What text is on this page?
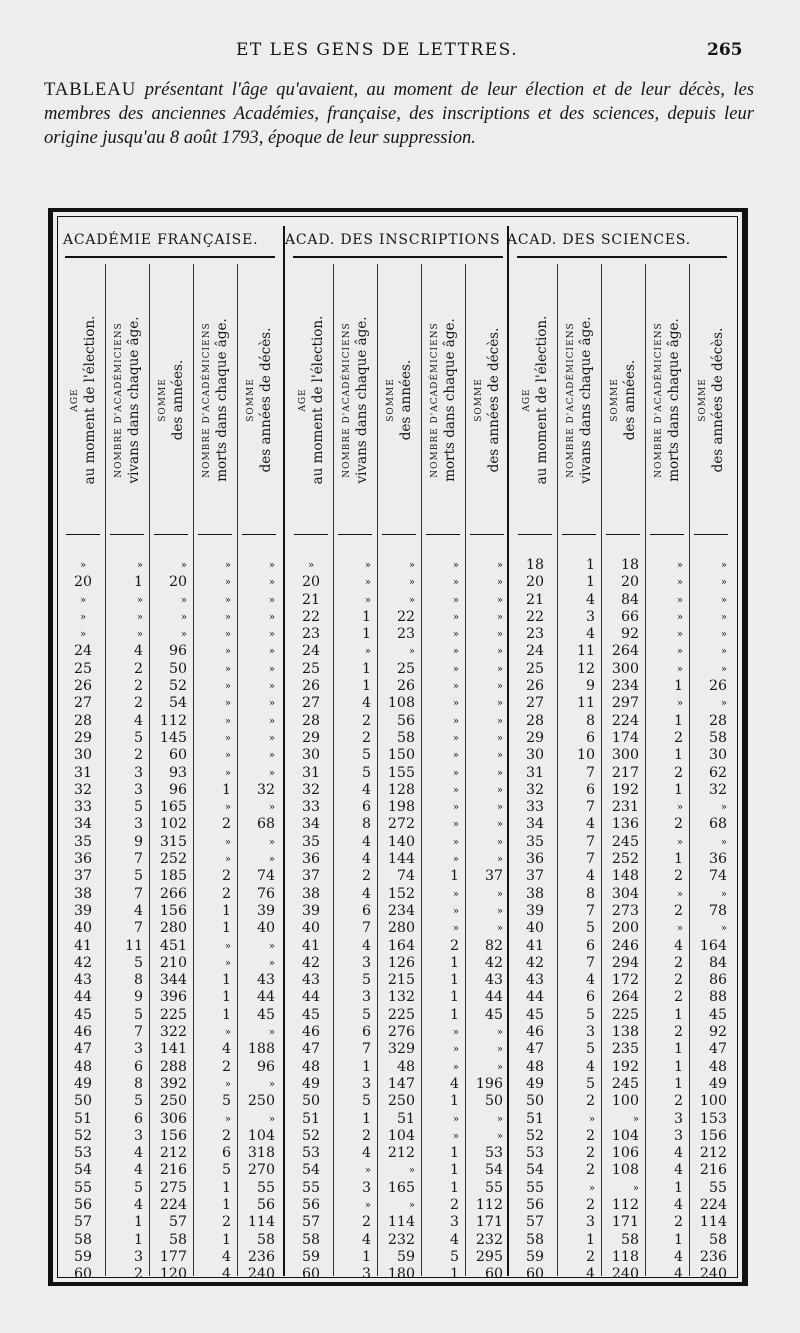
ET LES GENS DE LETTRES.	265
TABLEAU présentant l'âge qu'avaient, au moment de leur élection et de leur décès, les membres des anciennes Académies, française, des inscriptions et des sciences, depuis leur origine jusqu'au 8 août 1793, époque de leur suppression.
ACADÉMIE FRANÇAISE. ACAD. DES INSCRIPTIONS ACAD. DES SCIENCES.
AGE au moment de l'élection.
»
20
»
»
»
24
25
26
27
28
29
30
31
32
33
34
35
36
37
38
39
40
41
42
43
44
45
46
47
48
49
50
51
52
53
54
55
56
57
58
59
60
NOMBRE D'ACADÉMICIENS vivans dans chaque âge.
»
1
»
»
»
4
2
2
2
4
5
2
3
3
5
3
9
7
5
7
4
7
11
5
8
9
5
7
3
6
8
5
6
3
4
4
5
4
1
1
3
2
SOMME des années.
»
20
»
»
»
96
50
52
54
112
145
60
93
96
165
102
315
252
185
266
156
280
451
210
344
396
225
322
141
288
392
250
306
156
212
216
275
224
57
58
177
120
NOMBRE D'ACADÉMICIENS morts dans chaque âge.
»
»
»
»
»
»
»
»
»
»
»
»
»
1
»
2
»
»
2
2
1
1
»
»
1
1
1
»
4
2
»
5
»
2
6
5
1
1
2
1
4
4
SOMME des années de décès.
»
»
»
»
»
»
»
»
»
»
»
»
»
32
»
68
»
»
74
76
39
40
»
»
43
44
45
»
188
96
»
250
»
104
318
270
55
56
114
58
236
240
AGE au moment de l'élection.
»
20
21
22
23
24
25
26
27
28
29
30
31
32
33
34
35
36
37
38
39
40
41
42
43
44
45
46
47
48
49
50
51
52
53
54
55
56
57
58
59
60
NOMBRE D'ACADÉMICIENS vivans dans chaque âge.
»
»
»
1
1
»
1
1
4
2
2
5
5
4
6
8
4
4
2
4
6
7
4
3
5
3
5
6
7
1
3
5
1
2
4
»
3
»
2
4
1
3
SOMME des années.
»
»
»
22
23
»
25
26
108
56
58
150
155
128
198
272
140
144
74
152
234
280
164
126
215
132
225
276
329
48
147
250
51
104
212
»
165
»
114
232
59
180
NOMBRE D'ACADÉMICIENS morts dans chaque âge.
»
»
»
»
»
»
»
»
»
»
»
»
»
»
»
»
»
»
1
»
»
»
2
1
1
1
1
»
»
»
4
1
»
»
1
1
1
2
3
4
5
1
SOMME des années de décès.
»
»
»
»
»
»
»
»
»
»
»
»
»
»
»
»
»
»
37
»
»
»
82
42
43
44
45
»
»
»
196
50
»
»
53
54
55
112
171
232
295
60
AGE au moment de l'élection.
18
20
21
22
23
24
25
26
27
28
29
30
31
32
33
34
35
36
37
38
39
40
41
42
43
44
45
46
47
48
49
50
51
52
53
54
55
56
57
58
59
60
NOMBRE D'ACADÉMICIENS vivans dans chaque âge.
1
1
4
3
4
11
12
9
11
8
6
10
7
6
7
4
7
7
4
8
7
5
6
7
4
6
5
3
5
4
5
2
»
2
2
2
»
2
3
1
2
4
SOMME des années.
18
20
84
66
92
264
300
234
297
224
174
300
217
192
231
136
245
252
148
304
273
200
246
294
172
264
225
138
235
192
245
100
»
104
106
108
»
112
171
58
118
240
NOMBRE D'ACADÉMICIENS morts dans chaque âge.
»
»
»
»
»
»
»
1
»
1
2
1
2
1
»
2
»
1
2
»
2
»
4
2
2
2
1
2
1
1
1
2
3
3
4
4
1
4
2
1
4
4
SOMME des années de décès.
»
»
»
»
»
»
»
26
»
28
58
30
62
32
»
68
»
36
74
»
78
»
164
84
86
88
45
92
47
48
49
100
153
156
212
216
55
224
114
58
236
240
